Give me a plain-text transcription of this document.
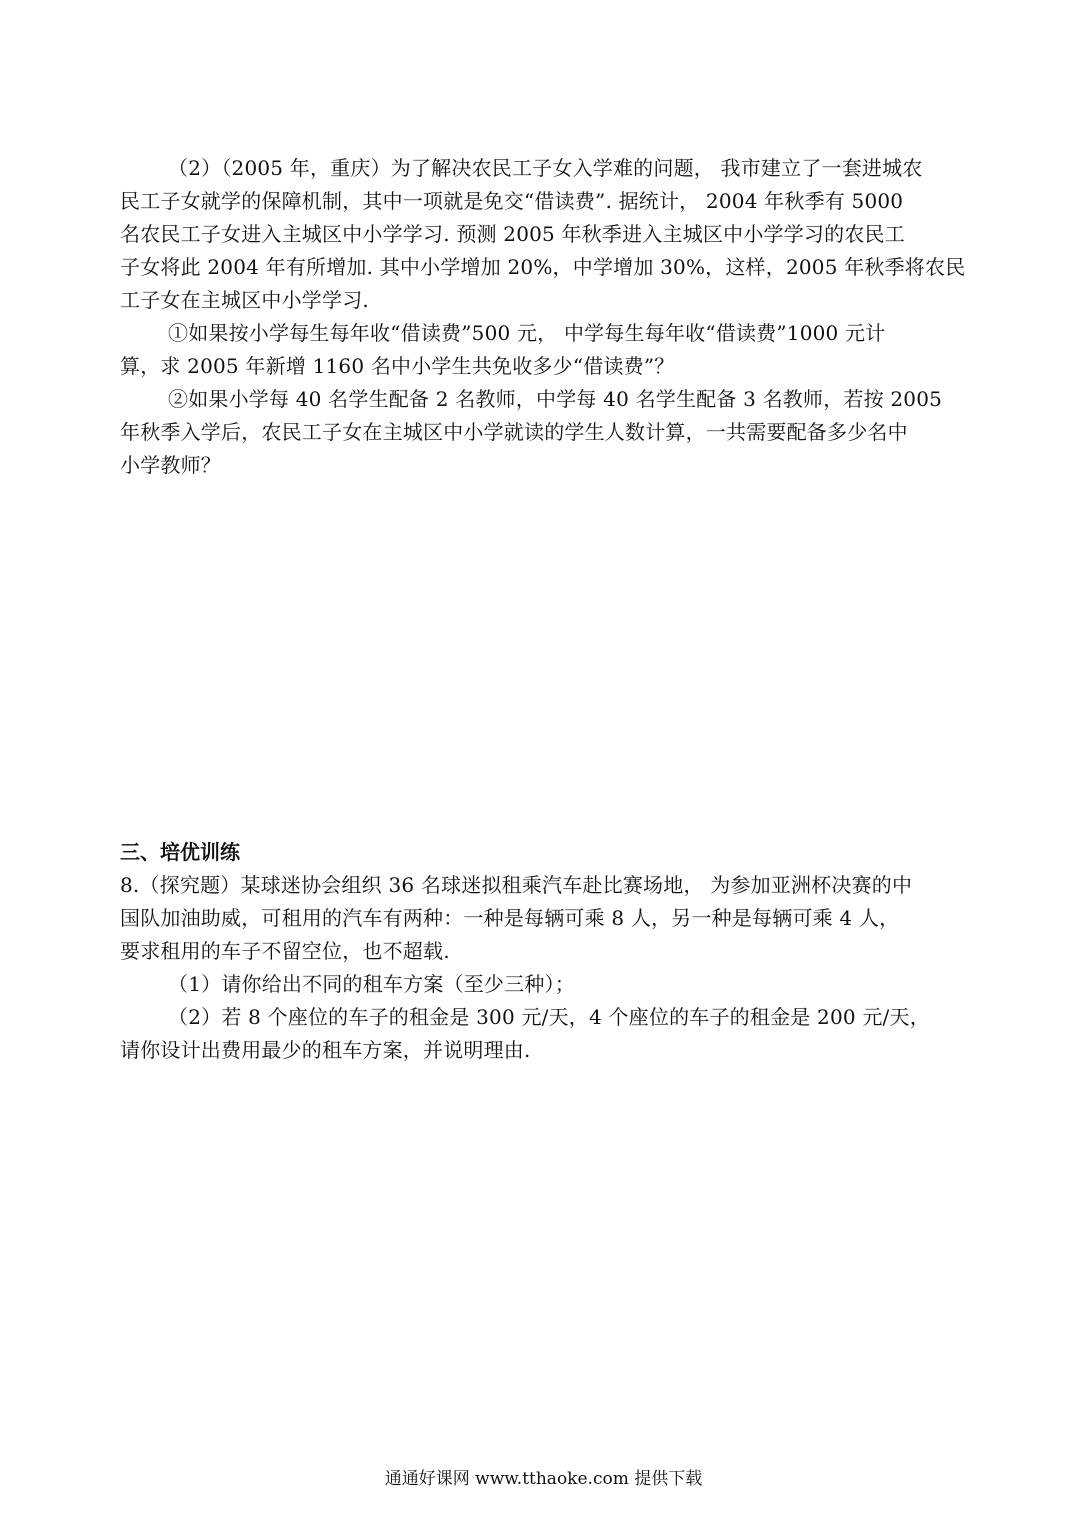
（2）（2005 年，重庆）为了解决农民工子女入学难的问题， 我市建立了一套进城农
民工子女就学的保障机制，其中一项就是免交“借读费”. 据统计， 2004 年秋季有 5000
名农民工子女进入主城区中小学学习. 预测 2005 年秋季进入主城区中小学学习的农民工
子女将此 2004 年有所增加. 其中小学增加 20%，中学增加 30%，这样，2005 年秋季将农民
工子女在主城区中小学学习.
①如果按小学每生每年收“借读费”500 元， 中学每生每年收“借读费”1000 元计
算，求 2005 年新增 1160 名中小学生共免收多少“借读费”？
②如果小学每 40 名学生配备 2 名教师，中学每 40 名学生配备 3 名教师，若按 2005
年秋季入学后，农民工子女在主城区中小学就读的学生人数计算，一共需要配备多少名中
小学教师？
三、培优训练
8.（探究题）某球迷协会组织 36 名球迷拟租乘汽车赴比赛场地， 为参加亚洲杯决赛的中
国队加油助威，可租用的汽车有两种：一种是每辆可乘 8 人，另一种是每辆可乘 4 人，
要求租用的车子不留空位，也不超载.
（1）请你给出不同的租车方案（至少三种）；
（2）若 8 个座位的车子的租金是 300 元/天，4 个座位的车子的租金是 200 元/天，
请你设计出费用最少的租车方案，并说明理由.
通通好课网 www.tthaoke.com 提供下载
